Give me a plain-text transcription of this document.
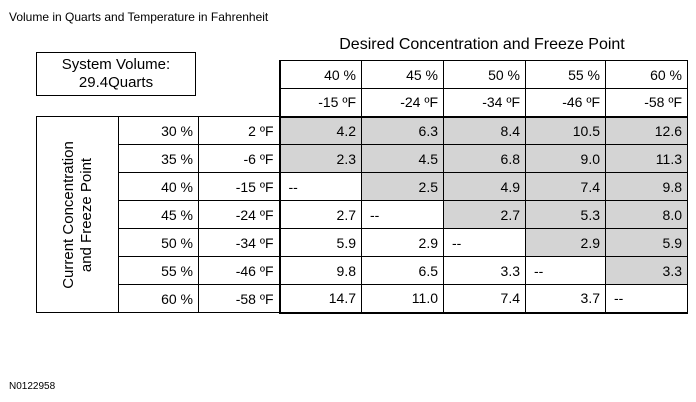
Volume in Quarts and Temperature in Fahrenheit
Desired Concentration and Freeze Point
System Volume:
29.4Quarts
				40 %	45 %	50 %	55 %	60 %
			-15 ºF	-24 ºF	-34 ºF	-46 ºF	-58 ºF

Current Concentration and Freeze Point	30 %	2 ºF	4.2	6.3	8.4	10.5	12.6
	35 %	-6 ºF	2.3	4.5	6.8	9.0	11.3
	40 %	-15 ºF	--	2.5	4.9	7.4	9.8
	45 %	-24 ºF	2.7	--	2.7	5.3	8.0
	50 %	-34 ºF	5.9	2.9	--	2.9	5.9
	55 %	-46 ºF	9.8	6.5	3.3	--	3.3
	60 %	-58 ºF	14.7	11.0	7.4	3.7	--
N0122958
